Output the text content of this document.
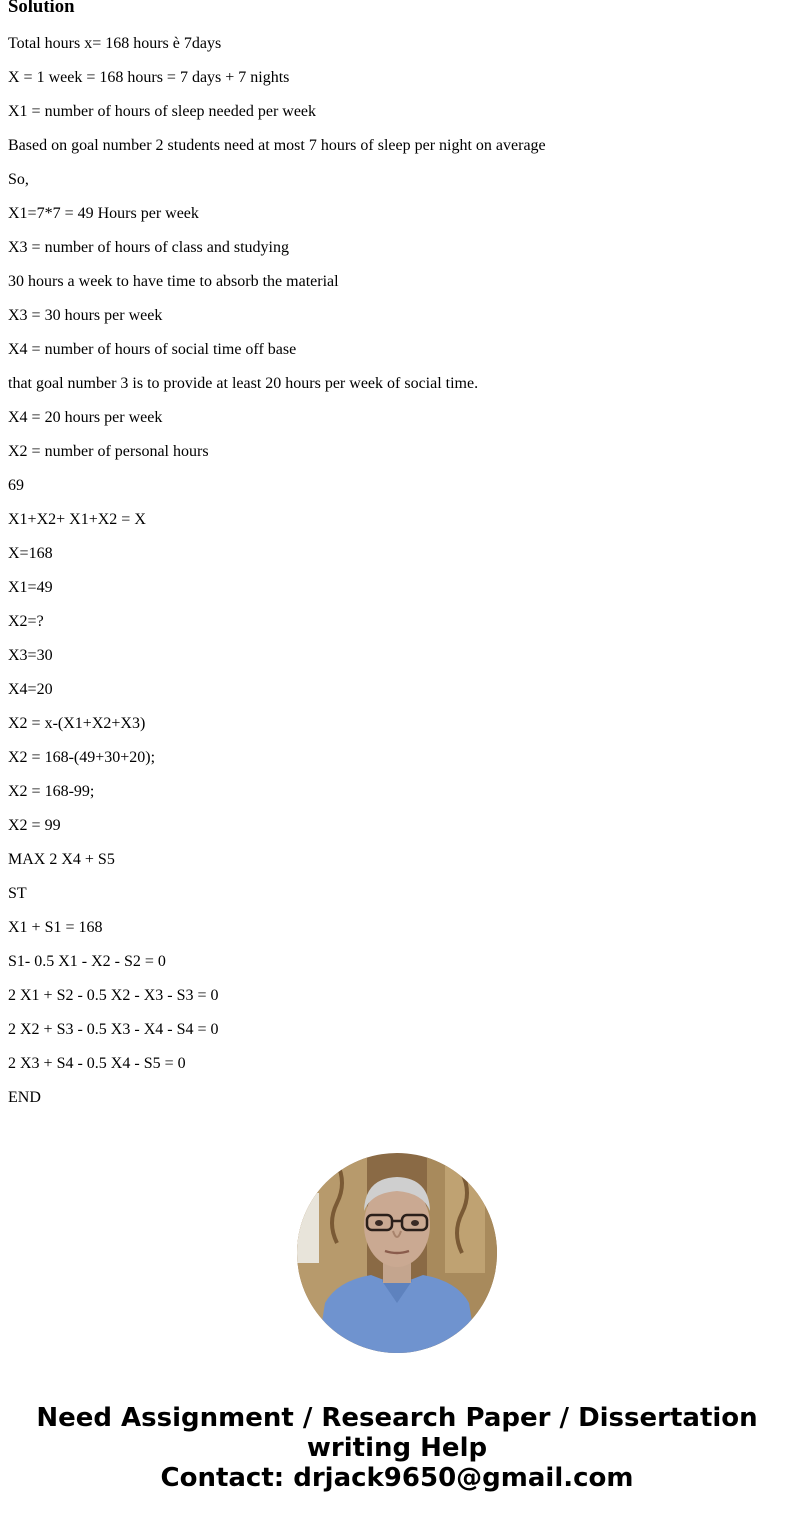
Solution

Total hours x= 168 hours è 7days

X = 1 week = 168 hours = 7 days + 7 nights

X1 = number of hours of sleep needed per week

Based on goal number 2 students need at most 7 hours of sleep per night on average

So,

X1=7*7 = 49 Hours per week

X3 = number of hours of class and studying

30 hours a week to have time to absorb the material

X3 = 30 hours per week

X4 = number of hours of social time off base

that goal number 3 is to provide at least 20 hours per week of social time.

X4 = 20 hours per week

X2 = number of personal hours

69

X1+X2+ X1+X2 = X

X=168

X1=49

X2=?

X3=30

X4=20

X2 = x-(X1+X2+X3)

X2 = 168-(49+30+20);

X2 = 168-99;

X2 = 99

MAX 2 X4 + S5

ST

X1 + S1 = 168

S1- 0.5 X1 - X2 - S2 = 0

2 X1 + S2 - 0.5 X2 - X3 - S3 = 0

2 X2 + S3 - 0.5 X3 - X4 - S4 = 0

2 X3 + S4 - 0.5 X4 - S5 = 0

END

Need Assignment / Research Paper / Dissertation
writing Help
Contact: drjack9650@gmail.com
